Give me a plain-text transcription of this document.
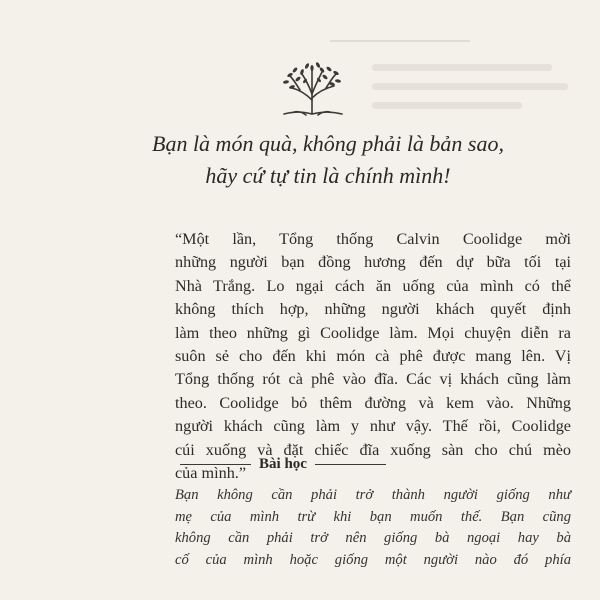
Bạn là món quà, không phải là bản sao,
hãy cứ tự tin là chính mình!

“Một lần, Tổng thống Calvin Coolidge mời
những người bạn đồng hương đến dự bữa tối tại
Nhà Trắng. Lo ngại cách ăn uống của mình có thể
không thích hợp, những người khách quyết định
làm theo những gì Coolidge làm. Mọi chuyện diễn ra
suôn sẻ cho đến khi món cà phê được mang lên. Vị
Tổng thống rót cà phê vào đĩa. Các vị khách cũng làm
theo. Coolidge bỏ thêm đường và kem vào. Những
người khách cũng làm y như vậy. Thế rồi, Coolidge
cúi xuống và đặt chiếc đĩa xuống sàn cho chú mèo
của mình.”

Bài học

Bạn không cần phải trở thành người giống như
mẹ của mình trừ khi bạn muốn thế. Bạn cũng
không cần phải trở nên giống bà ngoại hay bà
cố của mình hoặc giống một người nào đó phía
